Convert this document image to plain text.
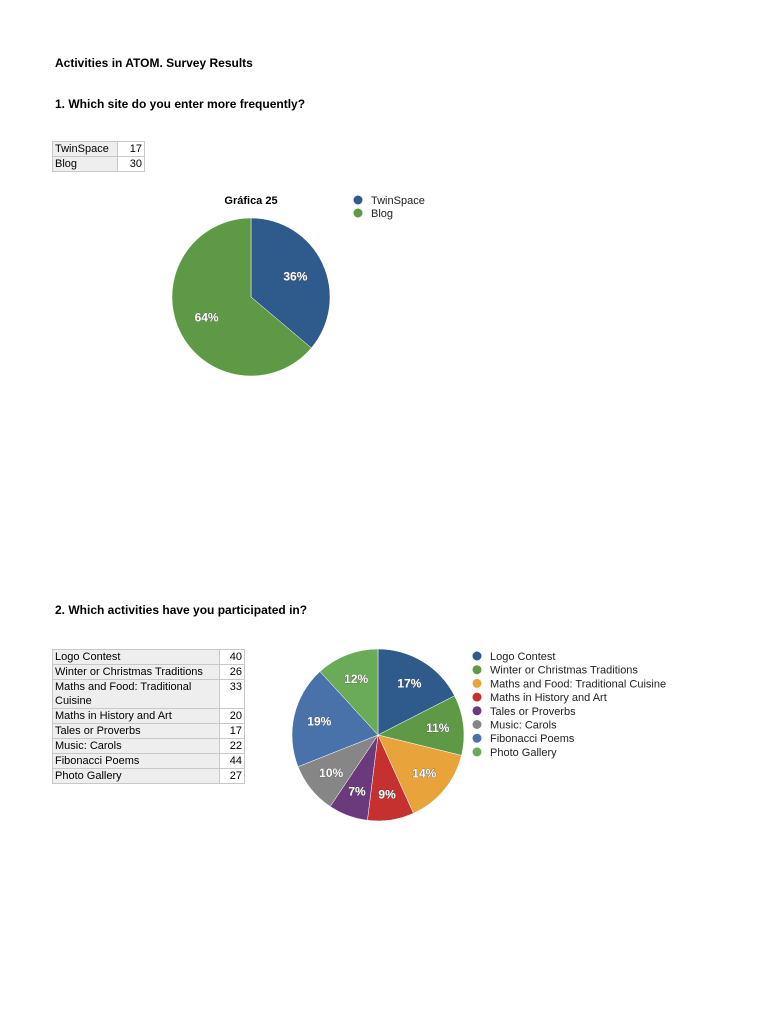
Activities in ATOM. Survey Results
1. Which site do you enter more frequently?
TwinSpace	17
Blog	30
2. Which activities have you participated in?
Logo Contest	40
Winter or Christmas Traditions	26
Maths and Food: Traditional Cuisine	33
Maths in History and Art	20
Tales or Proverbs	17
Music: Carols	22
Fibonacci Poems	44
Photo Gallery	27
Gráfica 25
36%
64%
TwinSpace
Blog
17%
11%
14%
9%
7%
10%
19%
12%
Logo Contest
Winter or Christmas Traditions
Maths and Food: Traditional Cuisine
Maths in History and Art
Tales or Proverbs
Music: Carols
Fibonacci Poems
Photo Gallery
